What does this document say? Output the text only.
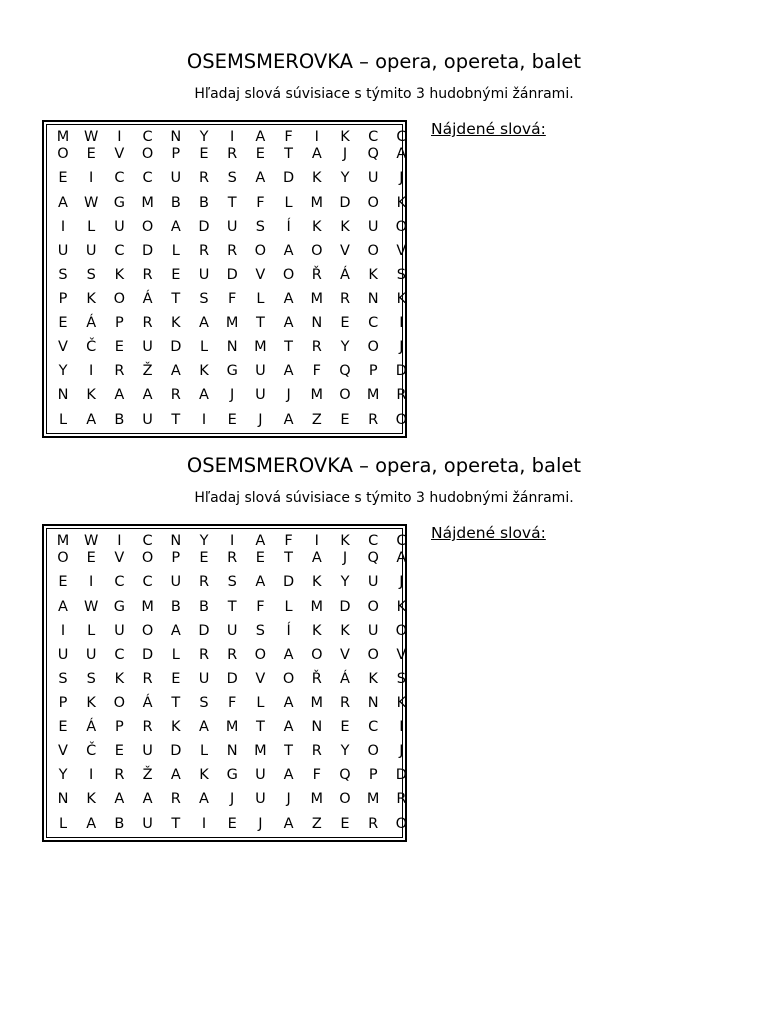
OSEMSMEROVKA – opera, opereta, balet
Hľadaj slová súvisiace s týmito 3 hudobnými žánrami.
M	W	I	C	N	Y	I	A	F	I	K	C	C
O	E	V	O	P	E	R	E	T	A	J	Q	A
E	I	C	C	U	R	S	A	D	K	Y	U	J
A	W	G	M	B	B	T	F	L	M	D	O	K
I	L	U	O	A	D	U	S	Í	K	K	U	O
U	U	C	D	L	R	R	O	A	O	V	O	V
S	S	K	R	E	U	D	V	O	Ř	Á	K	S
P	K	O	Á	T	S	F	L	A	M	R	N	K
E	Á	P	R	K	A	M	T	A	N	E	C	I
V	Č	E	U	D	L	N	M	T	R	Y	O	J
Y	I	R	Ž	A	K	G	U	A	F	Q	P	D
N	K	A	A	R	A	J	U	J	M	O	M	R
L	A	B	U	T	I	E	J	A	Z	E	R	O
Nájdené slová:
OSEMSMEROVKA – opera, opereta, balet
Hľadaj slová súvisiace s týmito 3 hudobnými žánrami.
M	W	I	C	N	Y	I	A	F	I	K	C	C
O	E	V	O	P	E	R	E	T	A	J	Q	A
E	I	C	C	U	R	S	A	D	K	Y	U	J
A	W	G	M	B	B	T	F	L	M	D	O	K
I	L	U	O	A	D	U	S	Í	K	K	U	O
U	U	C	D	L	R	R	O	A	O	V	O	V
S	S	K	R	E	U	D	V	O	Ř	Á	K	S
P	K	O	Á	T	S	F	L	A	M	R	N	K
E	Á	P	R	K	A	M	T	A	N	E	C	I
V	Č	E	U	D	L	N	M	T	R	Y	O	J
Y	I	R	Ž	A	K	G	U	A	F	Q	P	D
N	K	A	A	R	A	J	U	J	M	O	M	R
L	A	B	U	T	I	E	J	A	Z	E	R	O
Nájdené slová:
